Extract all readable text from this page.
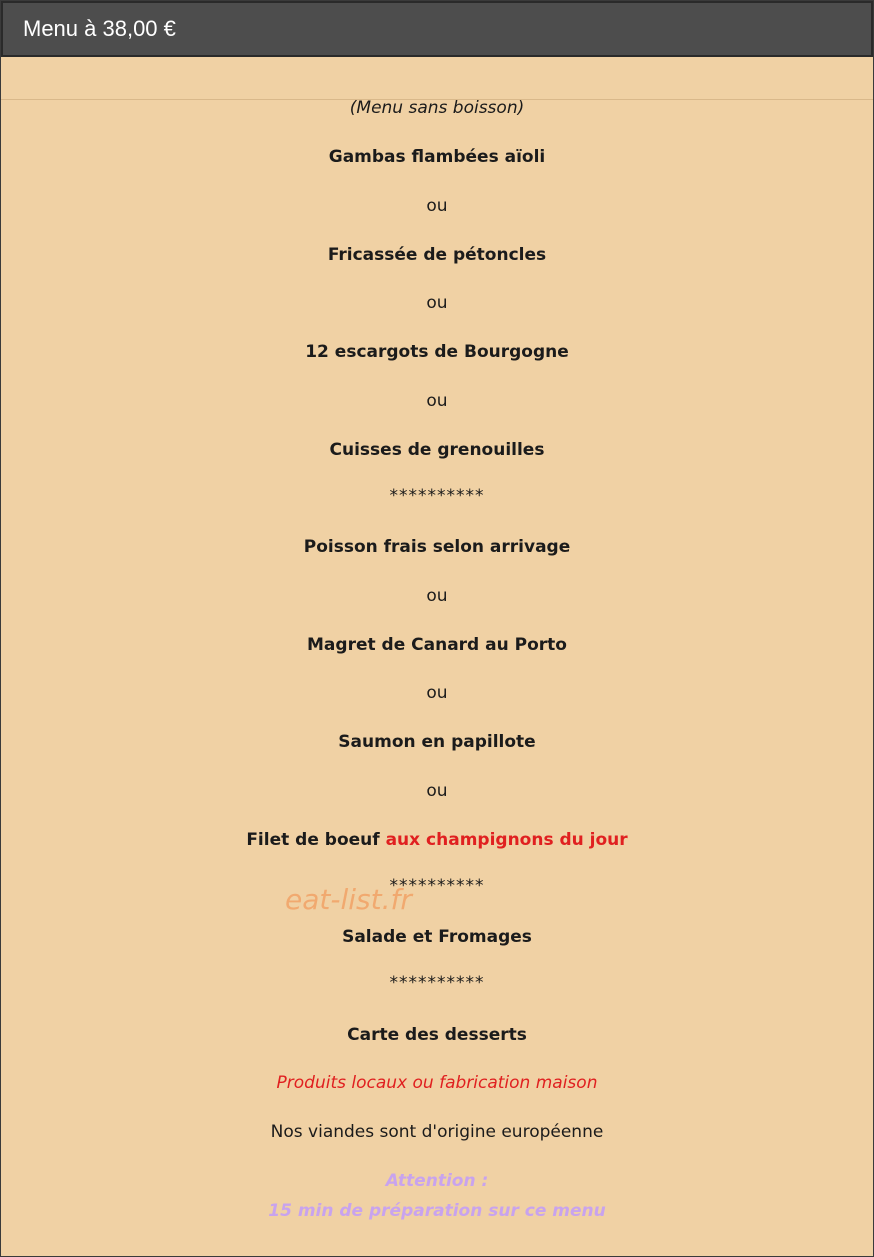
Menu à 38,00 €
(Menu sans boisson)
Gambas flambées aïoli
ou
Fricassée de pétoncles
ou
12 escargots de Bourgogne
ou
Cuisses de grenouilles
**********
Poisson frais selon arrivage
ou
Magret de Canard au Porto
ou
Saumon en papillote
ou
Filet de boeuf aux champignons du jour
**********
Salade et Fromages
**********
Carte des desserts
Produits locaux ou fabrication maison
Nos viandes sont d'origine européenne
Attention :
15 min de préparation sur ce menu
eat-list.fr
